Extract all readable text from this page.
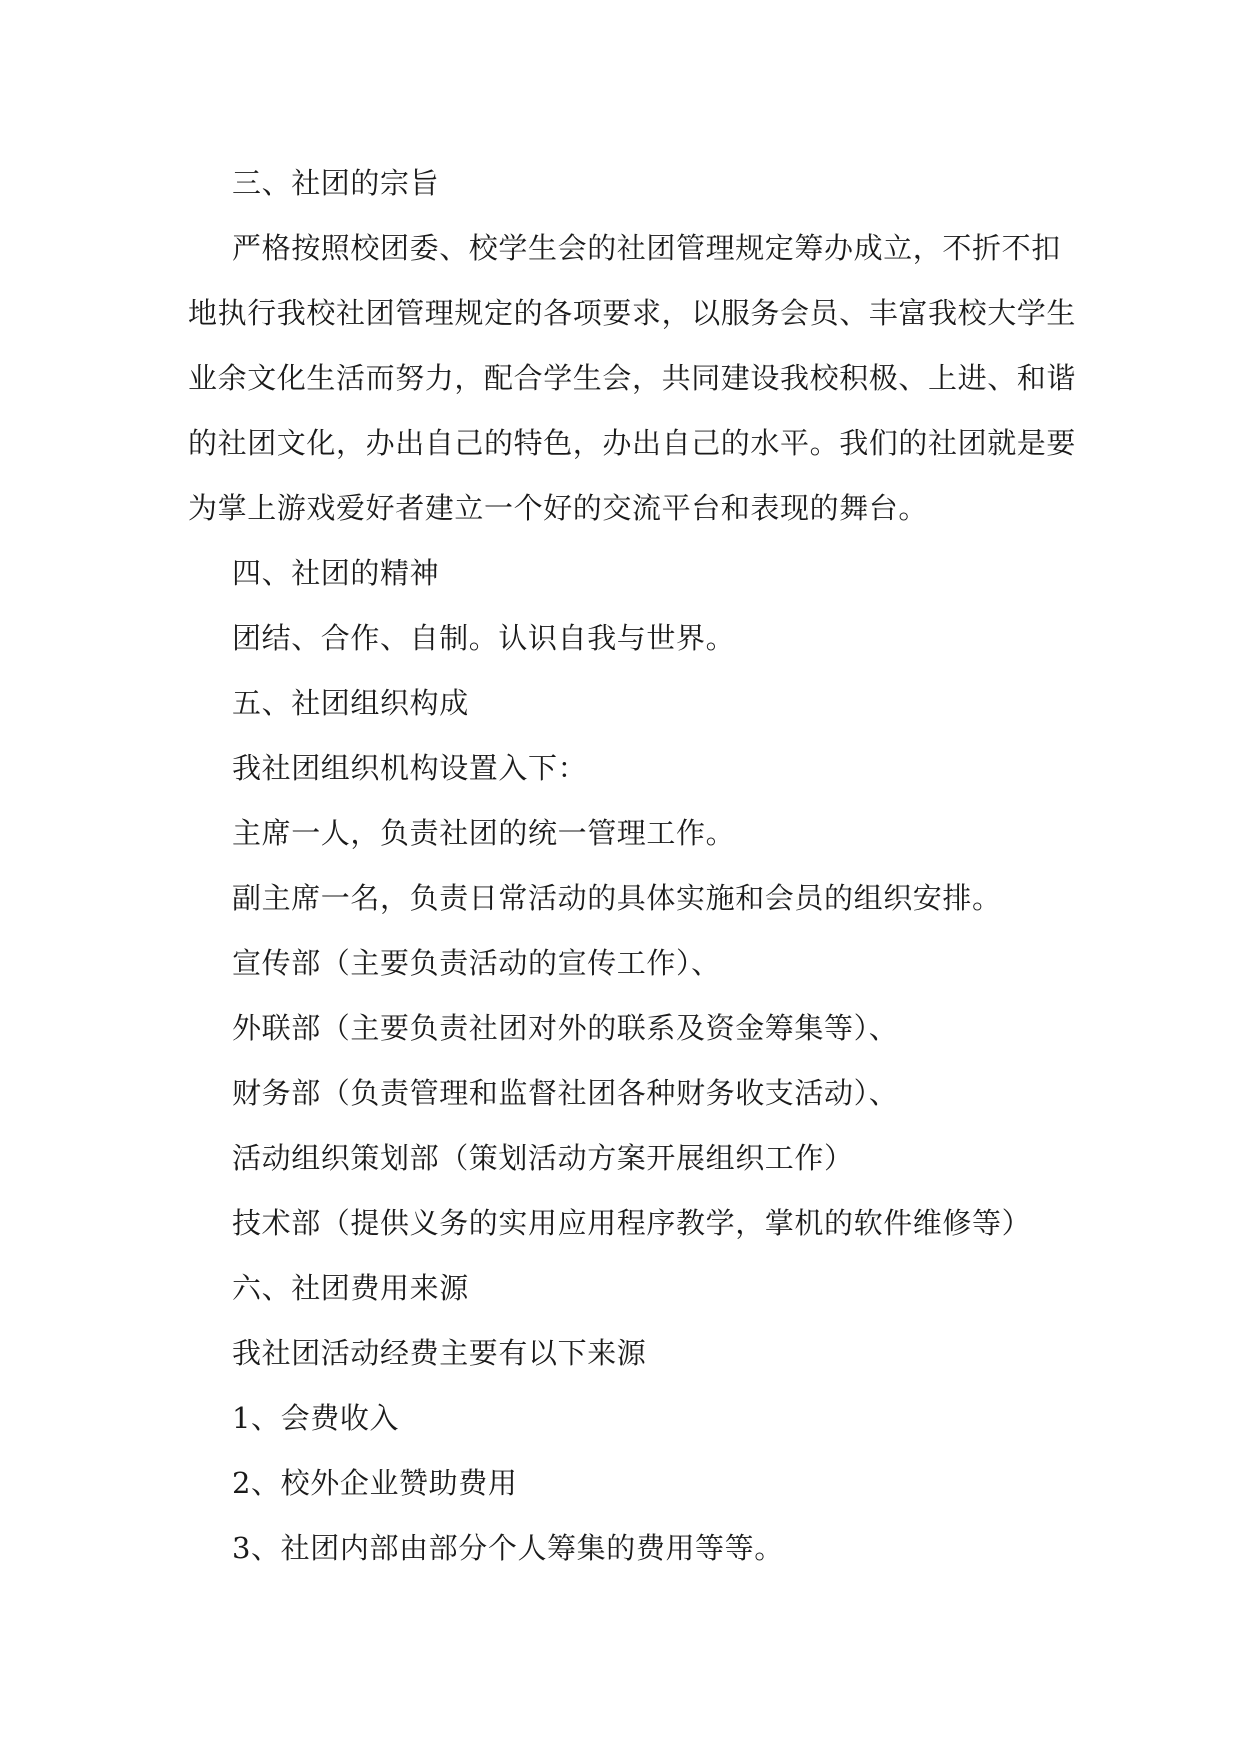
三、社团的宗旨
严格按照校团委、校学生会的社团管理规定筹办成立，不折不扣
地执行我校社团管理规定的各项要求，以服务会员、丰富我校大学生
业余文化生活而努力，配合学生会，共同建设我校积极、上进、和谐
的社团文化，办出自己的特色，办出自己的水平。我们的社团就是要
为掌上游戏爱好者建立一个好的交流平台和表现的舞台。
四、社团的精神
团结、合作、自制。认识自我与世界。
五、社团组织构成
我社团组织机构设置入下：
主席一人，负责社团的统一管理工作。
副主席一名，负责日常活动的具体实施和会员的组织安排。
宣传部（主要负责活动的宣传工作）、
外联部（主要负责社团对外的联系及资金筹集等）、
财务部（负责管理和监督社团各种财务收支活动）、
活动组织策划部（策划活动方案开展组织工作）
技术部（提供义务的实用应用程序教学，掌机的软件维修等）
六、社团费用来源
我社团活动经费主要有以下来源
1、会费收入
2、校外企业赞助费用
3、社团内部由部分个人筹集的费用等等。
